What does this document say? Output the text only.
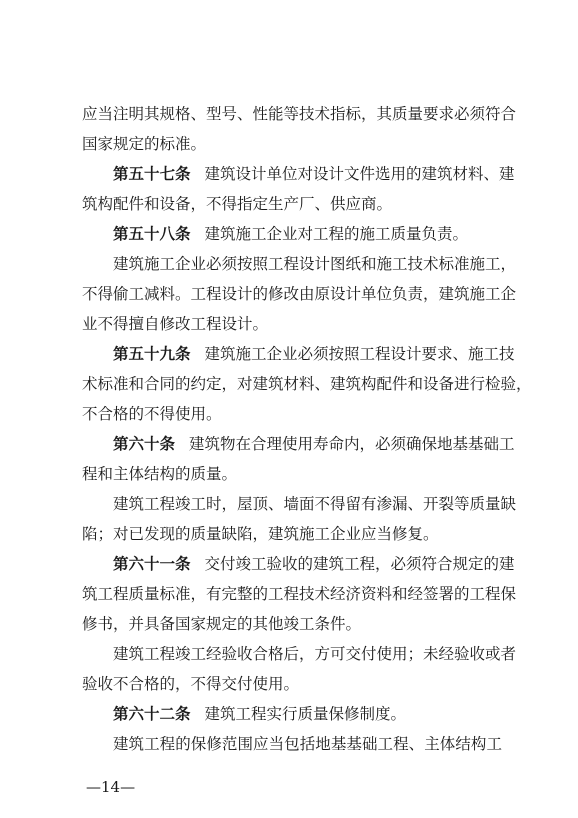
应当注明其规格、型号、性能等技术指标，其质量要求必须符合
国家规定的标准。
第五十七条 建筑设计单位对设计文件选用的建筑材料、建
筑构配件和设备，不得指定生产厂、供应商。
第五十八条 建筑施工企业对工程的施工质量负责。
建筑施工企业必须按照工程设计图纸和施工技术标准施工，
不得偷工减料。工程设计的修改由原设计单位负责，建筑施工企
业不得擅自修改工程设计。
第五十九条 建筑施工企业必须按照工程设计要求、施工技
术标准和合同的约定，对建筑材料、建筑构配件和设备进行检验，
不合格的不得使用。
第六十条 建筑物在合理使用寿命内，必须确保地基基础工
程和主体结构的质量。
建筑工程竣工时，屋顶、墙面不得留有渗漏、开裂等质量缺
陷；对已发现的质量缺陷，建筑施工企业应当修复。
第六十一条 交付竣工验收的建筑工程，必须符合规定的建
筑工程质量标准，有完整的工程技术经济资料和经签署的工程保
修书，并具备国家规定的其他竣工条件。
建筑工程竣工经验收合格后，方可交付使用；未经验收或者
验收不合格的，不得交付使用。
第六十二条 建筑工程实行质量保修制度。
建筑工程的保修范围应当包括地基基础工程、主体结构工
—14—
